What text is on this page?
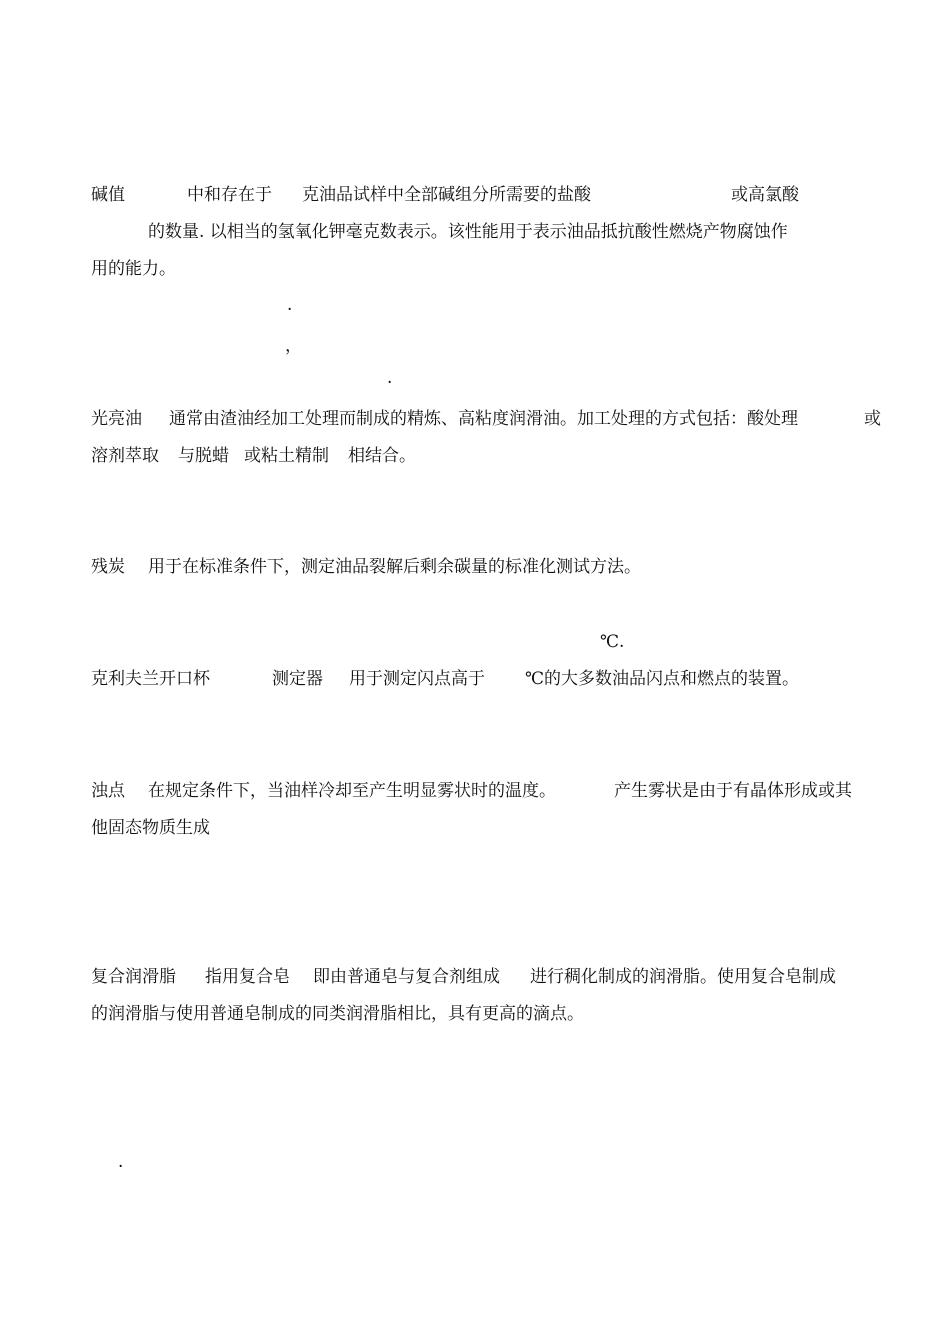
碱值	中和存在于 克油品试样中全部碱组分所需要的盐酸	或高氯酸
的数量. 以相当的氢氧化钾毫克数表示。该性能用于表示油品抵抗酸性燃烧产物腐蚀作
用的能力。
·
，
·
光亮油 通常由渣油经加工处理而制成的精炼、高粘度润滑油。加工处理的方式包括：酸处理	或
溶剂萃取 与脱蜡 或粘土精制 相结合。
残炭 用于在标准条件下，测定油品裂解后剩余碳量的标准化测试方法。
℃.
克利夫兰开口杯	测定器 用于测定闪点高于 ℃的大多数油品闪点和燃点的装置。
浊点 在规定条件下，当油样冷却至产生明显雾状时的温度。	产生雾状是由于有晶体形成或其
他固态物质生成
复合润滑脂 指用复合皂 即由普通皂与复合剂组成 进行稠化制成的润滑脂。使用复合皂制成
的润滑脂与使用普通皂制成的同类润滑脂相比，具有更高的滴点。
·
